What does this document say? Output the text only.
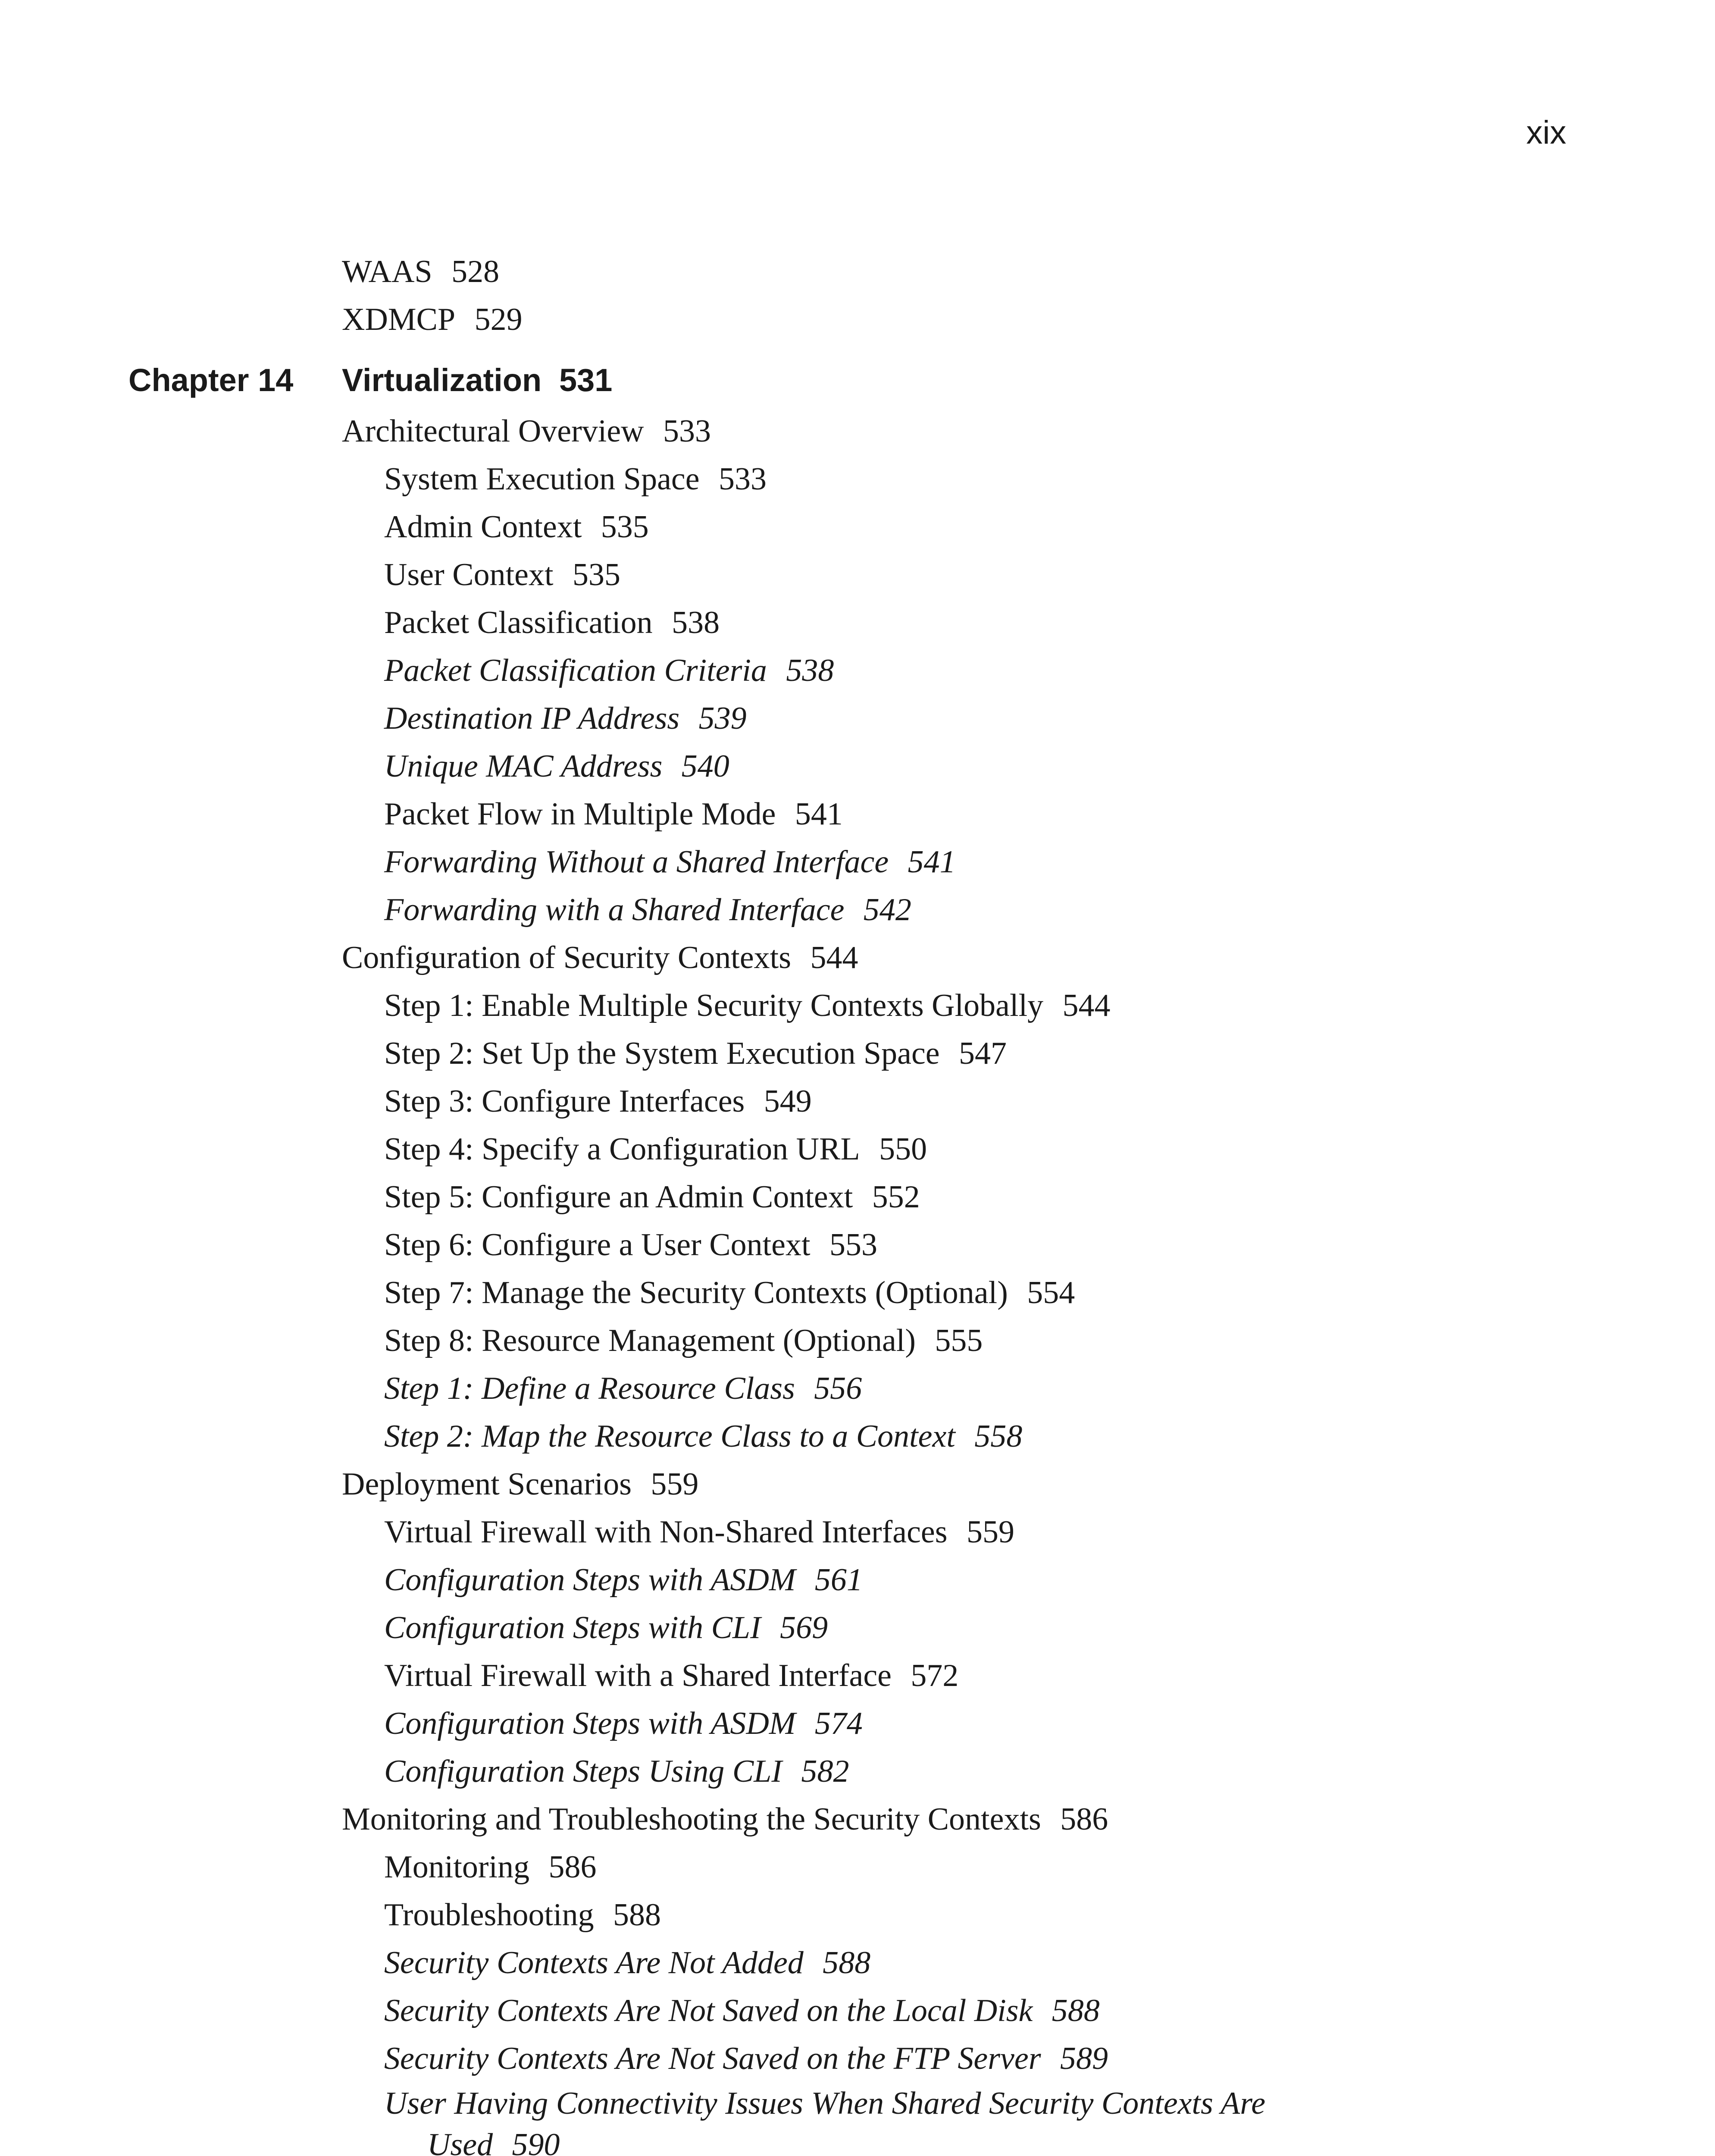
xix
WAAS 528
XDMCP 529
Chapter 14 Virtualization 531
Architectural Overview 533
System Execution Space 533
Admin Context 535
User Context 535
Packet Classification 538
Packet Classification Criteria 538
Destination IP Address 539
Unique MAC Address 540
Packet Flow in Multiple Mode 541
Forwarding Without a Shared Interface 541
Forwarding with a Shared Interface 542
Configuration of Security Contexts 544
Step 1: Enable Multiple Security Contexts Globally 544
Step 2: Set Up the System Execution Space 547
Step 3: Configure Interfaces 549
Step 4: Specify a Configuration URL 550
Step 5: Configure an Admin Context 552
Step 6: Configure a User Context 553
Step 7: Manage the Security Contexts (Optional) 554
Step 8: Resource Management (Optional) 555
Step 1: Define a Resource Class 556
Step 2: Map the Resource Class to a Context 558
Deployment Scenarios 559
Virtual Firewall with Non-Shared Interfaces 559
Configuration Steps with ASDM 561
Configuration Steps with CLI 569
Virtual Firewall with a Shared Interface 572
Configuration Steps with ASDM 574
Configuration Steps Using CLI 582
Monitoring and Troubleshooting the Security Contexts 586
Monitoring 586
Troubleshooting 588
Security Contexts Are Not Added 588
Security Contexts Are Not Saved on the Local Disk 588
Security Contexts Are Not Saved on the FTP Server 589
User Having Connectivity Issues When Shared Security Contexts Are
Used 590
